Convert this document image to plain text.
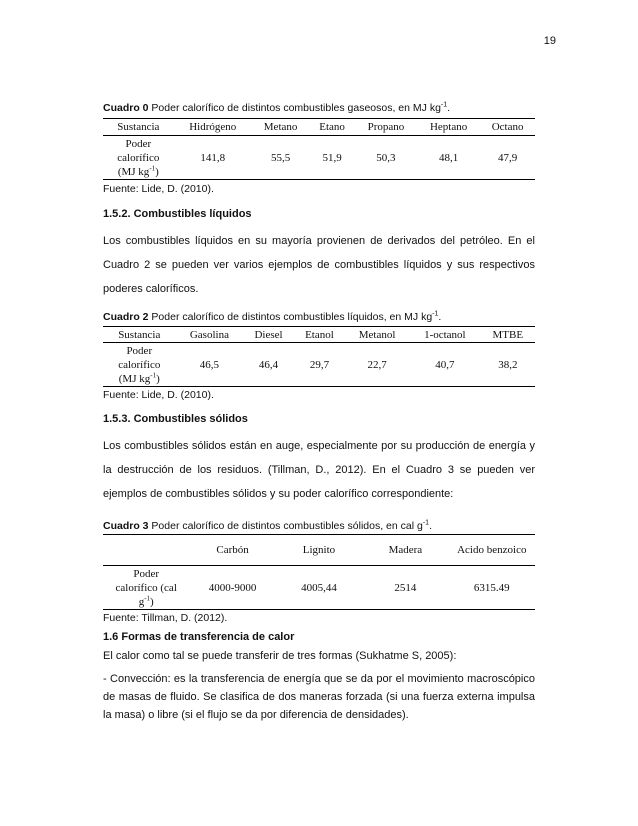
19
Cuadro 0 Poder calorífico de distintos combustibles gaseosos, en MJ $kg^{-1}$.
Sustancia	Hidrógeno	Metano	Etano	Propano	Heptano	Octano
Poder
calorífico
(MJ $kg^{-1}$)	141,8	55,5	51,9	50,3	48,1	47,9
Fuente: Lide, D. (2010).
1.5.2. Combustibles líquidos
Los combustibles líquidos en su mayoría provienen de derivados del petróleo. En el Cuadro 2 se pueden ver varios ejemplos de combustibles líquidos y sus respectivos poderes caloríficos.
Cuadro 2 Poder calorífico de distintos combustibles líquidos, en MJ $kg^{-1}$.
Sustancia	Gasolina	Diesel	Etanol	Metanol	1-octanol	MTBE
Poder
calorífico
(MJ $kg^{-1}$)	46,5	46,4	29,7	22,7	40,7	38,2
Fuente: Lide, D. (2010).
1.5.3. Combustibles sólidos
Los combustibles sólidos están en auge, especialmente por su producción de energía y la destrucción de los residuos. (Tillman, D., 2012). En el Cuadro 3 se pueden ver ejemplos de combustibles sólidos y su poder calorífico correspondiente:
Cuadro 3 Poder calorífico de distintos combustibles sólidos, en cal $g^{-1}$.
	Carbón	Lignito	Madera	Acido benzoico
Poder
calorífico (cal
$g^{-1}$)	4000-9000	4005,44	2514	6315.49
Fuente: Tillman, D. (2012).
1.6 Formas de transferencia de calor
El calor como tal se puede transferir de tres formas (Sukhatme S, 2005):
- Convección: es la transferencia de energía que se da por el movimiento macroscópico de masas de fluido. Se clasifica de dos maneras forzada (si una fuerza externa impulsa la masa) o libre (si el flujo se da por diferencia de densidades).
